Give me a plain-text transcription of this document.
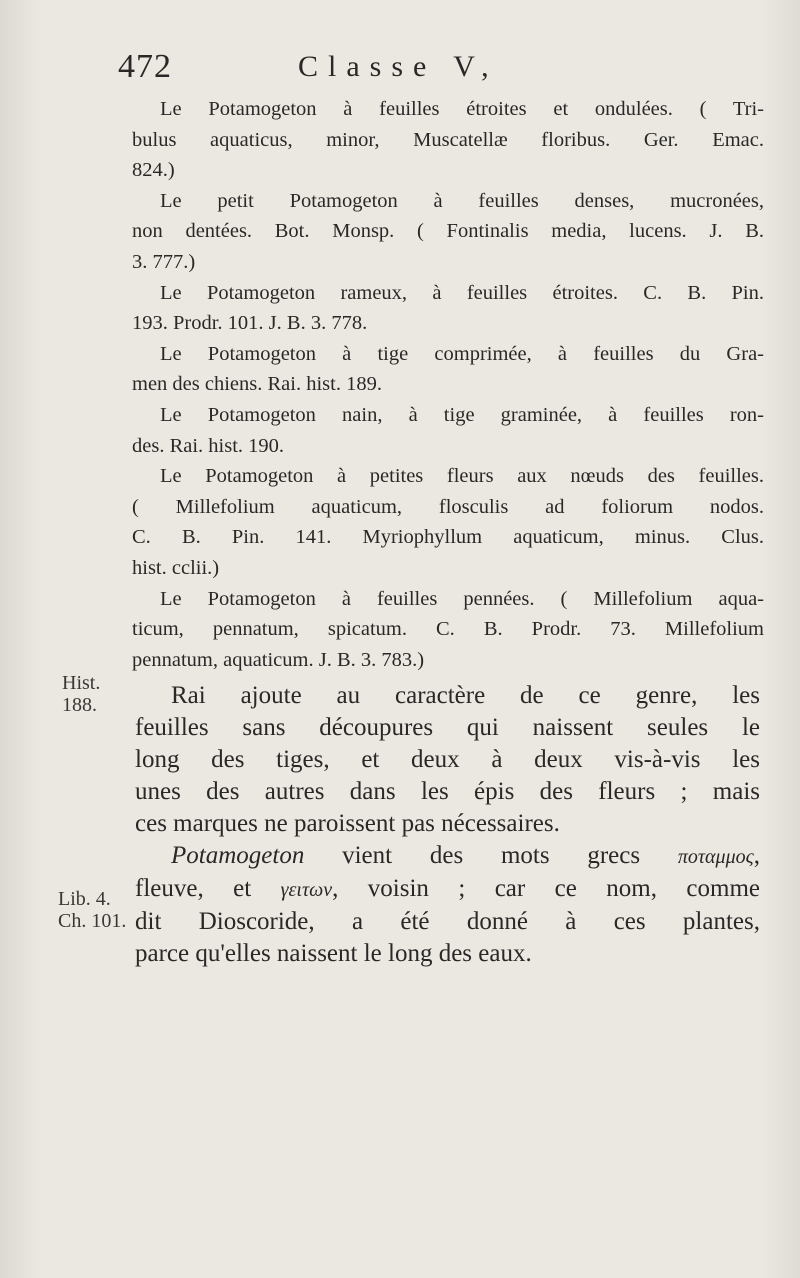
472	Classe V,
Le Potamogeton à feuilles étroites et ondulées. ( Tri-
bulus aquaticus, minor, Muscatellæ floribus. Ger. Emac.
824.)
Le petit Potamogeton à feuilles denses, mucronées,
non dentées. Bot. Monsp. ( Fontinalis media, lucens. J. B.
3. 777.)
Le Potamogeton rameux, à feuilles étroites. C. B. Pin.
193. Prodr. 101. J. B. 3. 778.
Le Potamogeton à tige comprimée, à feuilles du Gra-
men des chiens. Rai. hist. 189.
Le Potamogeton nain, à tige graminée, à feuilles ron-
des. Rai. hist. 190.
Le Potamogeton à petites fleurs aux nœuds des feuilles.
( Millefolium aquaticum, flosculis ad foliorum nodos.
C. B. Pin. 141. Myriophyllum aquaticum, minus. Clus.
hist. cclii.)
Le Potamogeton à feuilles pennées. ( Millefolium aqua-
ticum, pennatum, spicatum. C. B. Prodr. 73. Millefolium
pennatum, aquaticum. J. B. 3. 783.)
Hist.
188.
Lib. 4.
Ch. 101.
Rai ajoute au caractère de ce genre, les
feuilles sans découpures qui naissent seules le
long des tiges, et deux à deux vis-à-vis les
unes des autres dans les épis des fleurs ; mais
ces marques ne paroissent pas nécessaires.
Potamogeton vient des mots grecs ποταμμος,
fleuve, et γειτων, voisin ; car ce nom, comme
dit Dioscoride, a été donné à ces plantes,
parce qu'elles naissent le long des eaux.
